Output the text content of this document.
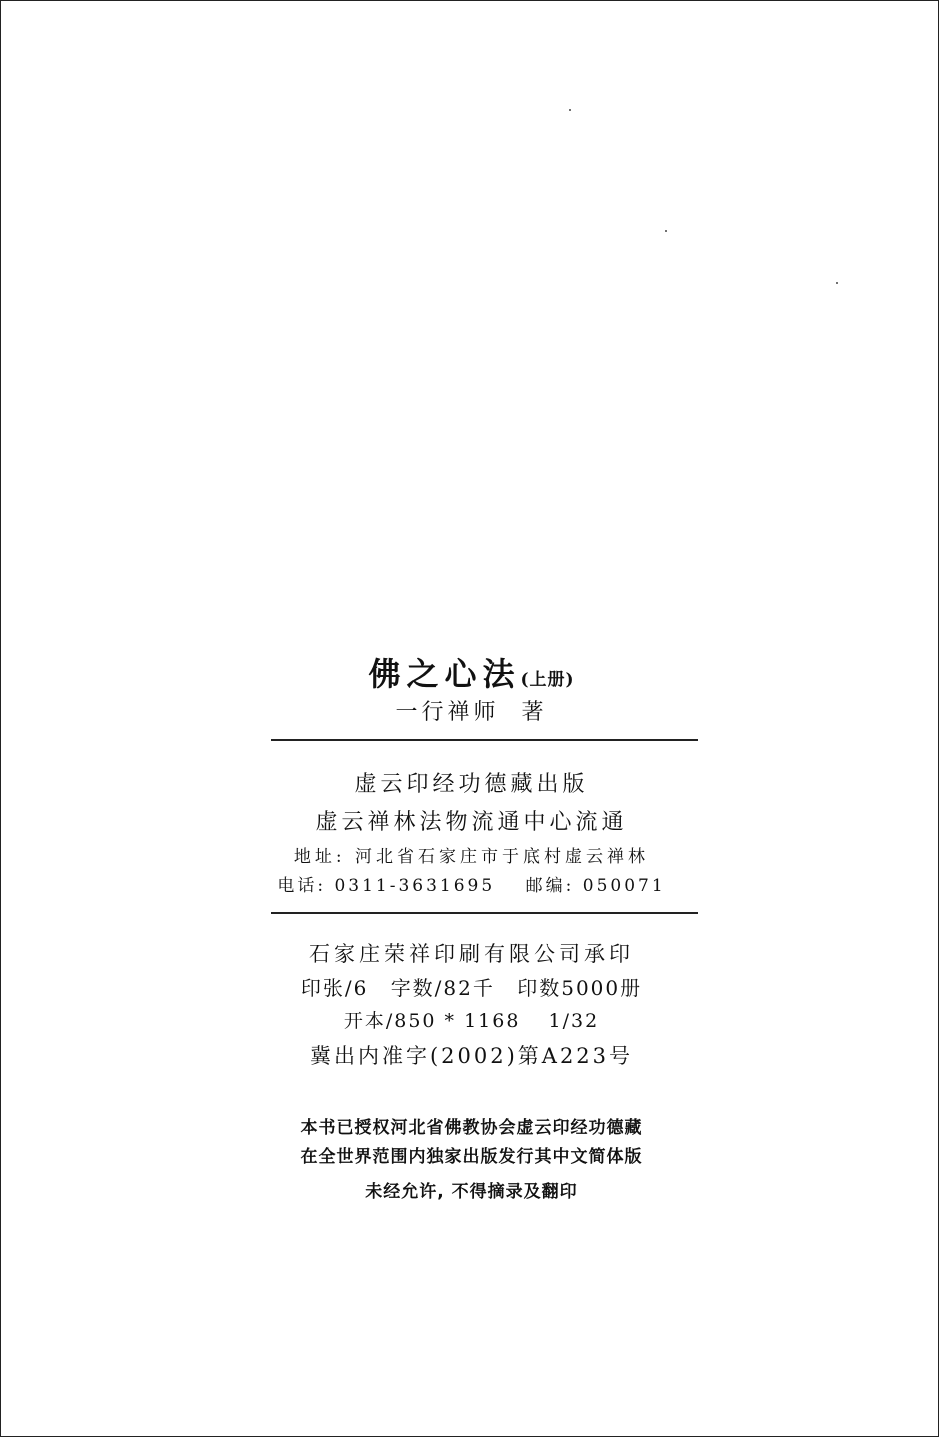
佛之心法(上册)
一行禅师 著
虚云印经功德藏出版
虚云禅林法物流通中心流通
地址: 河北省石家庄市于底村虚云禅林
电话: 0311-3631695 邮编: 050071
石家庄荣祥印刷有限公司承印
印张/6 字数/82千 印数5000册
开本/850 * 1168 1/32
冀出内准字(2002)第A223号
本书已授权河北省佛教协会虚云印经功德藏
在全世界范围内独家出版发行其中文简体版
未经允许, 不得摘录及翻印
